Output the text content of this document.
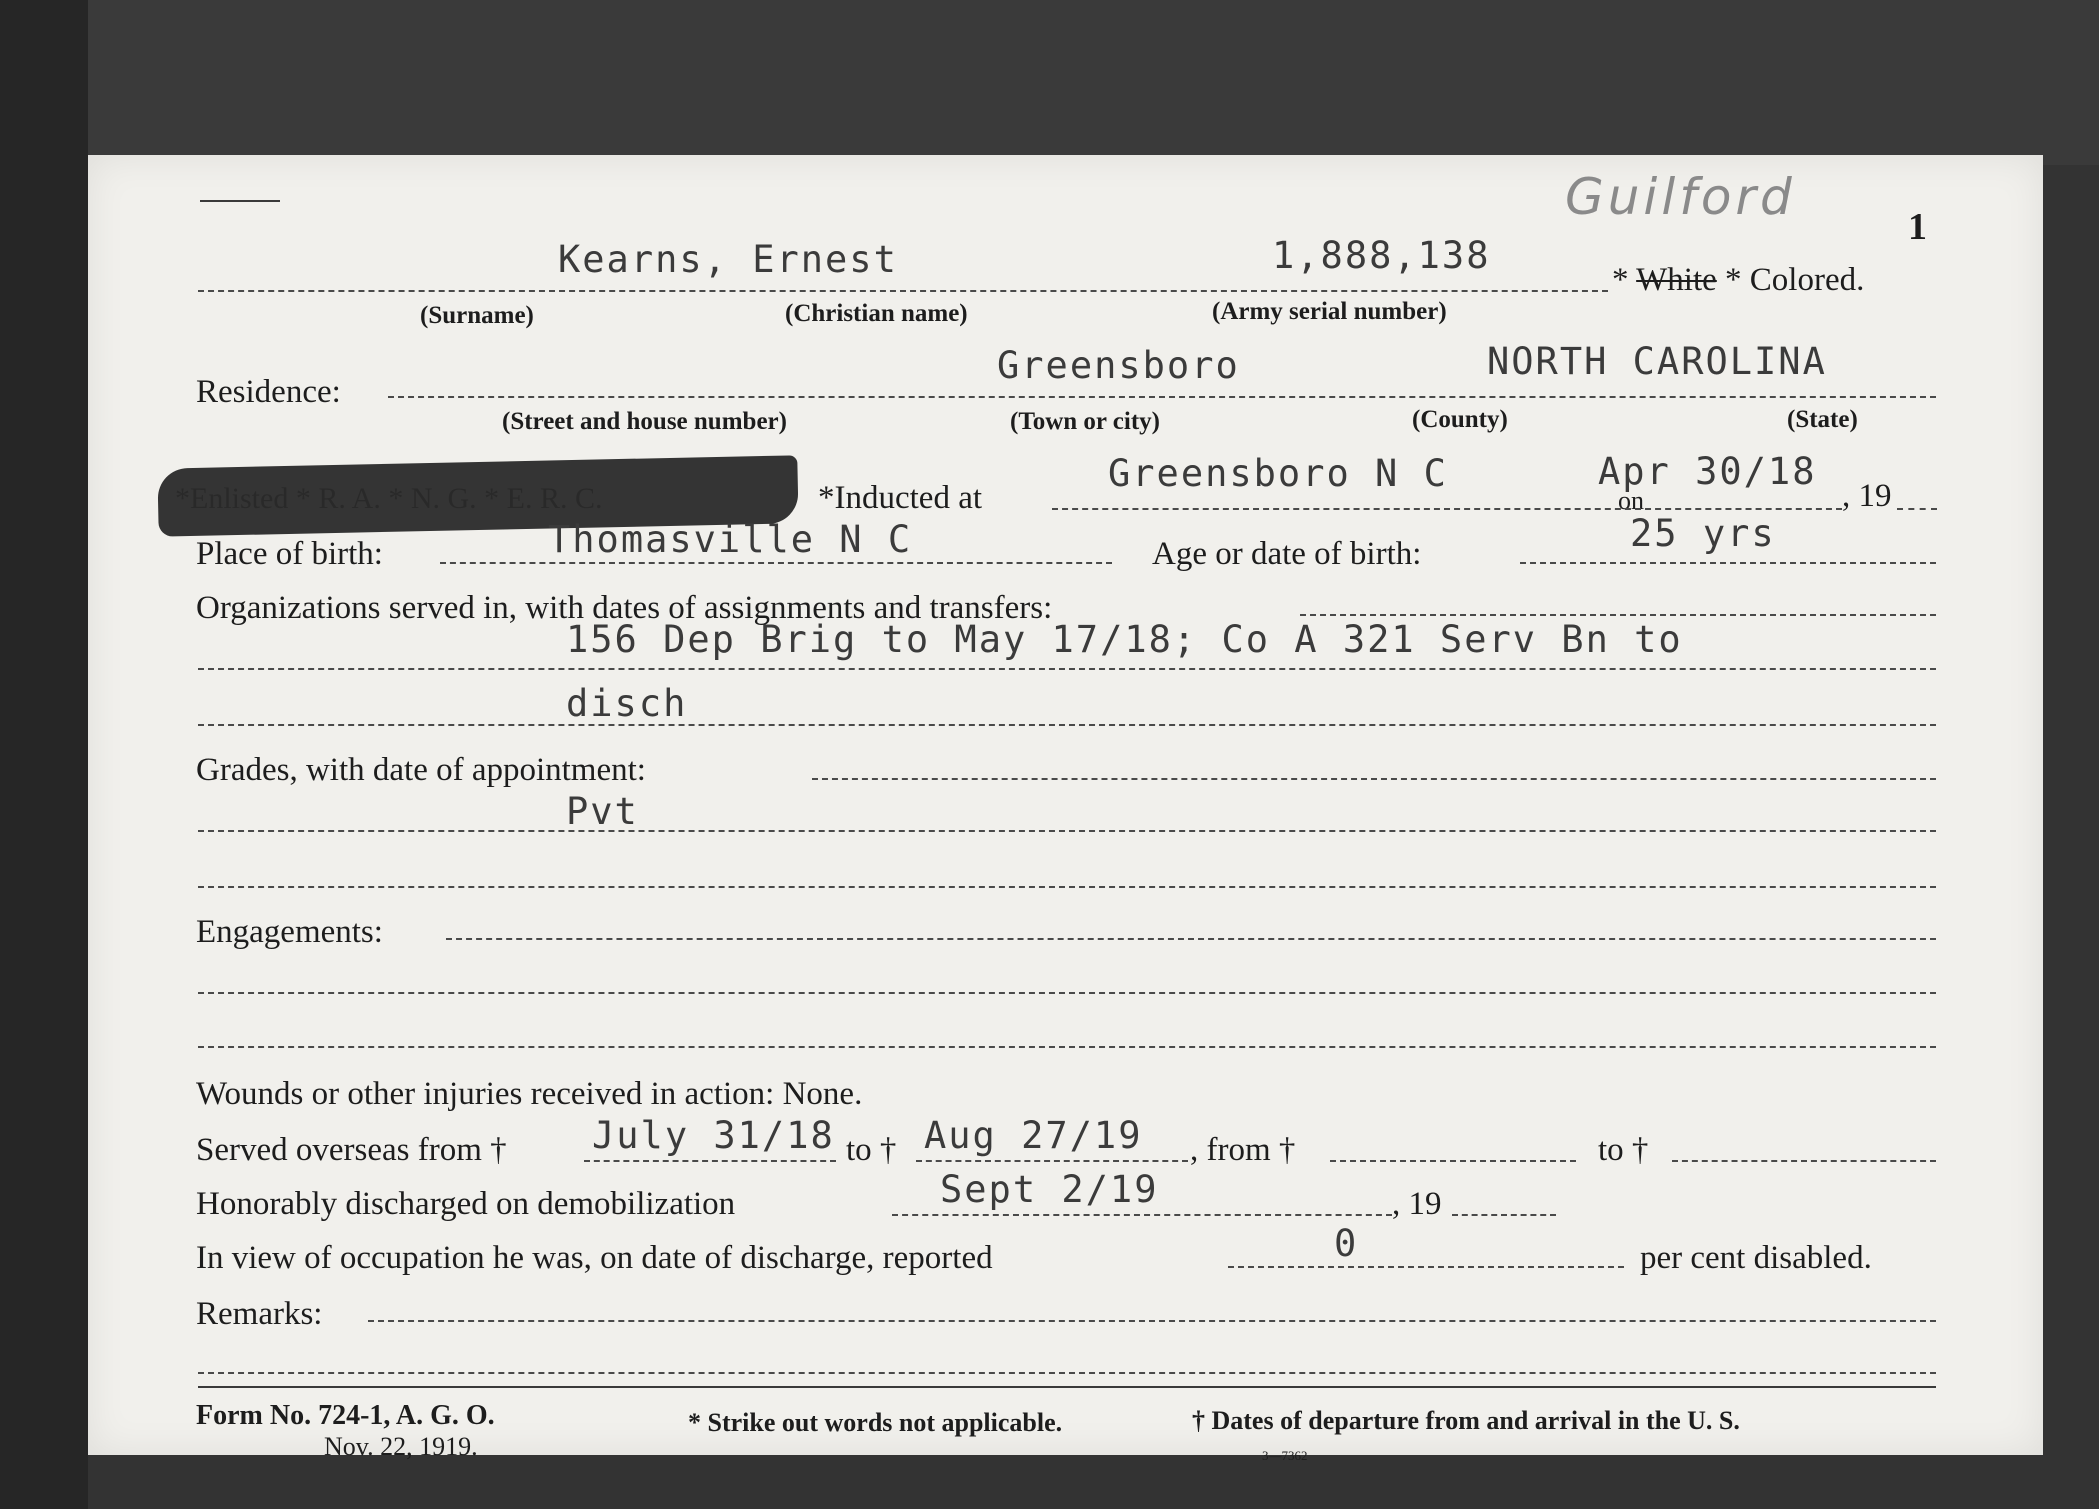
Guilford
1
Kearns, Ernest	1,888,138
* White * Colored.
(Surname)	(Christian name)	(Army serial number)
Residence:
Greensboro	NORTH CAROLINA
(Street and house number)	(Town or city)	(County)	(State)
*Inducted at
Greensboro N C	Apr 30/18
on	, 19
Place of birth:	Thomasville N C	Age or date of birth:	25 yrs
Organizations served in, with dates of assignments and transfers:
156 Dep Brig to May 17/18; Co A 321 Serv Bn to
disch
Grades, with date of appointment:
Pvt
Engagements:
Wounds or other injuries received in action: None.
Served overseas from † July 31/18 to † Aug 27/19 , from †	to †
Honorably discharged on demobilization	Sept 2/19	, 19
In view of occupation he was, on date of discharge, reported	0	per cent disabled.
Remarks:
Form No. 724-1, A. G. O.
Nov. 22, 1919.
* Strike out words not applicable.	† Dates of departure from and arrival in the U. S.
3—7362
